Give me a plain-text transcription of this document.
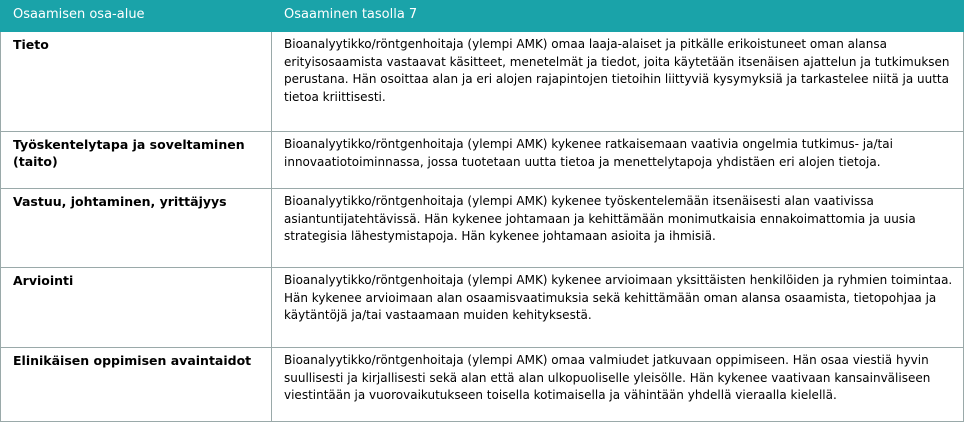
Osaamisen osa-alue	Osaaminen tasolla 7
Tieto	Bioanalyytikko/röntgenhoitaja (ylempi AMK) omaa laaja-alaiset ja pitkälle erikoistuneet oman alansa erityisosaamista vastaavat käsitteet, menetelmät ja tiedot, joita käytetään itsenäisen ajattelun ja tutkimuksen perustana. Hän osoittaa alan ja eri alojen rajapintojen tietoihin liittyviä kysymyksiä ja tarkastelee niitä ja uutta tietoa kriittisesti.
Työskentelytapa ja soveltaminen (taito)	Bioanalyytikko/röntgenhoitaja (ylempi AMK) kykenee ratkaisemaan vaativia ongelmia tutkimus- ja/tai innovaatiotoiminnassa, jossa tuotetaan uutta tietoa ja menettelytapoja yhdistäen eri alojen tietoja.
Vastuu, johtaminen, yrittäjyys	Bioanalyytikko/röntgenhoitaja (ylempi AMK) kykenee työskentelemään itsenäisesti alan vaativissa asiantuntijatehtävissä. Hän kykenee johtamaan ja kehittämään monimutkaisia ennakoimattomia ja uusia strategisia lähestymistapoja. Hän kykenee johtamaan asioita ja ihmisiä.
Arviointi	Bioanalyytikko/röntgenhoitaja (ylempi AMK) kykenee arvioimaan yksittäisten henkilöiden ja ryhmien toimintaa. Hän kykenee arvioimaan alan osaamisvaatimuksia sekä kehittämään oman alansa osaamista, tietopohjaa ja käytäntöjä ja/tai vastaamaan muiden kehityksestä.
Elinikäisen oppimisen avaintaidot	Bioanalyytikko/röntgenhoitaja (ylempi AMK) omaa valmiudet jatkuvaan oppimiseen. Hän osaa viestiä hyvin suullisesti ja kirjallisesti sekä alan että alan ulkopuoliselle yleisölle. Hän kykenee vaativaan kansainväliseen viestintään ja vuorovaikutukseen toisella kotimaisella ja vähintään yhdellä vieraalla kielellä.
